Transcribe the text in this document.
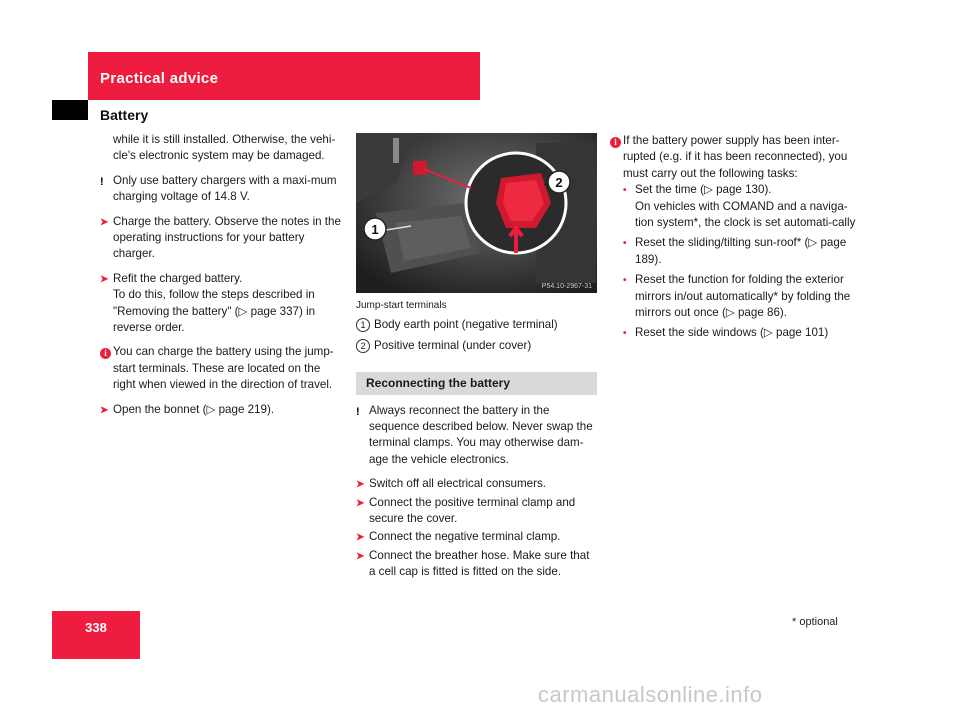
Practical advice
Battery

while it is still installed. Otherwise, the vehi-cle's electronic system may be damaged.

! Only use battery chargers with a maxi-mum charging voltage of 14.8 V.

➤ Charge the battery. Observe the notes in the operating instructions for your battery charger.

➤ Refit the charged battery.
To do this, follow the steps described in "Removing the battery" (▷ page 337) in reverse order.

i You can charge the battery using the jump-start terminals. These are located on the right when viewed in the direction of travel.

➤ Open the bonnet (▷ page 219).

1
2
P54.10-2967-31
Jump-start terminals
1 Body earth point (negative terminal)
2 Positive terminal (under cover)
Reconnecting the battery

! Always reconnect the battery in the sequence described below. Never swap the terminal clamps. You may otherwise dam-age the vehicle electronics.

➤ Switch off all electrical consumers.

➤ Connect the positive terminal clamp and secure the cover.

➤ Connect the negative terminal clamp.

➤ Connect the breather hose. Make sure that a cell cap is fitted is fitted on the side.

i If the battery power supply has been inter-rupted (e.g. if it has been reconnected), you must carry out the following tasks:

• Set the time (▷ page 130).
On vehicles with COMAND and a naviga-tion system*, the clock is set automati-cally

• Reset the sliding/tilting sun-roof* (▷ page 189).

• Reset the function for folding the exterior mirrors in/out automatically* by folding the mirrors out once (▷ page 86).

• Reset the side windows (▷ page 101)

338	* optional
carmanualsonline.info
